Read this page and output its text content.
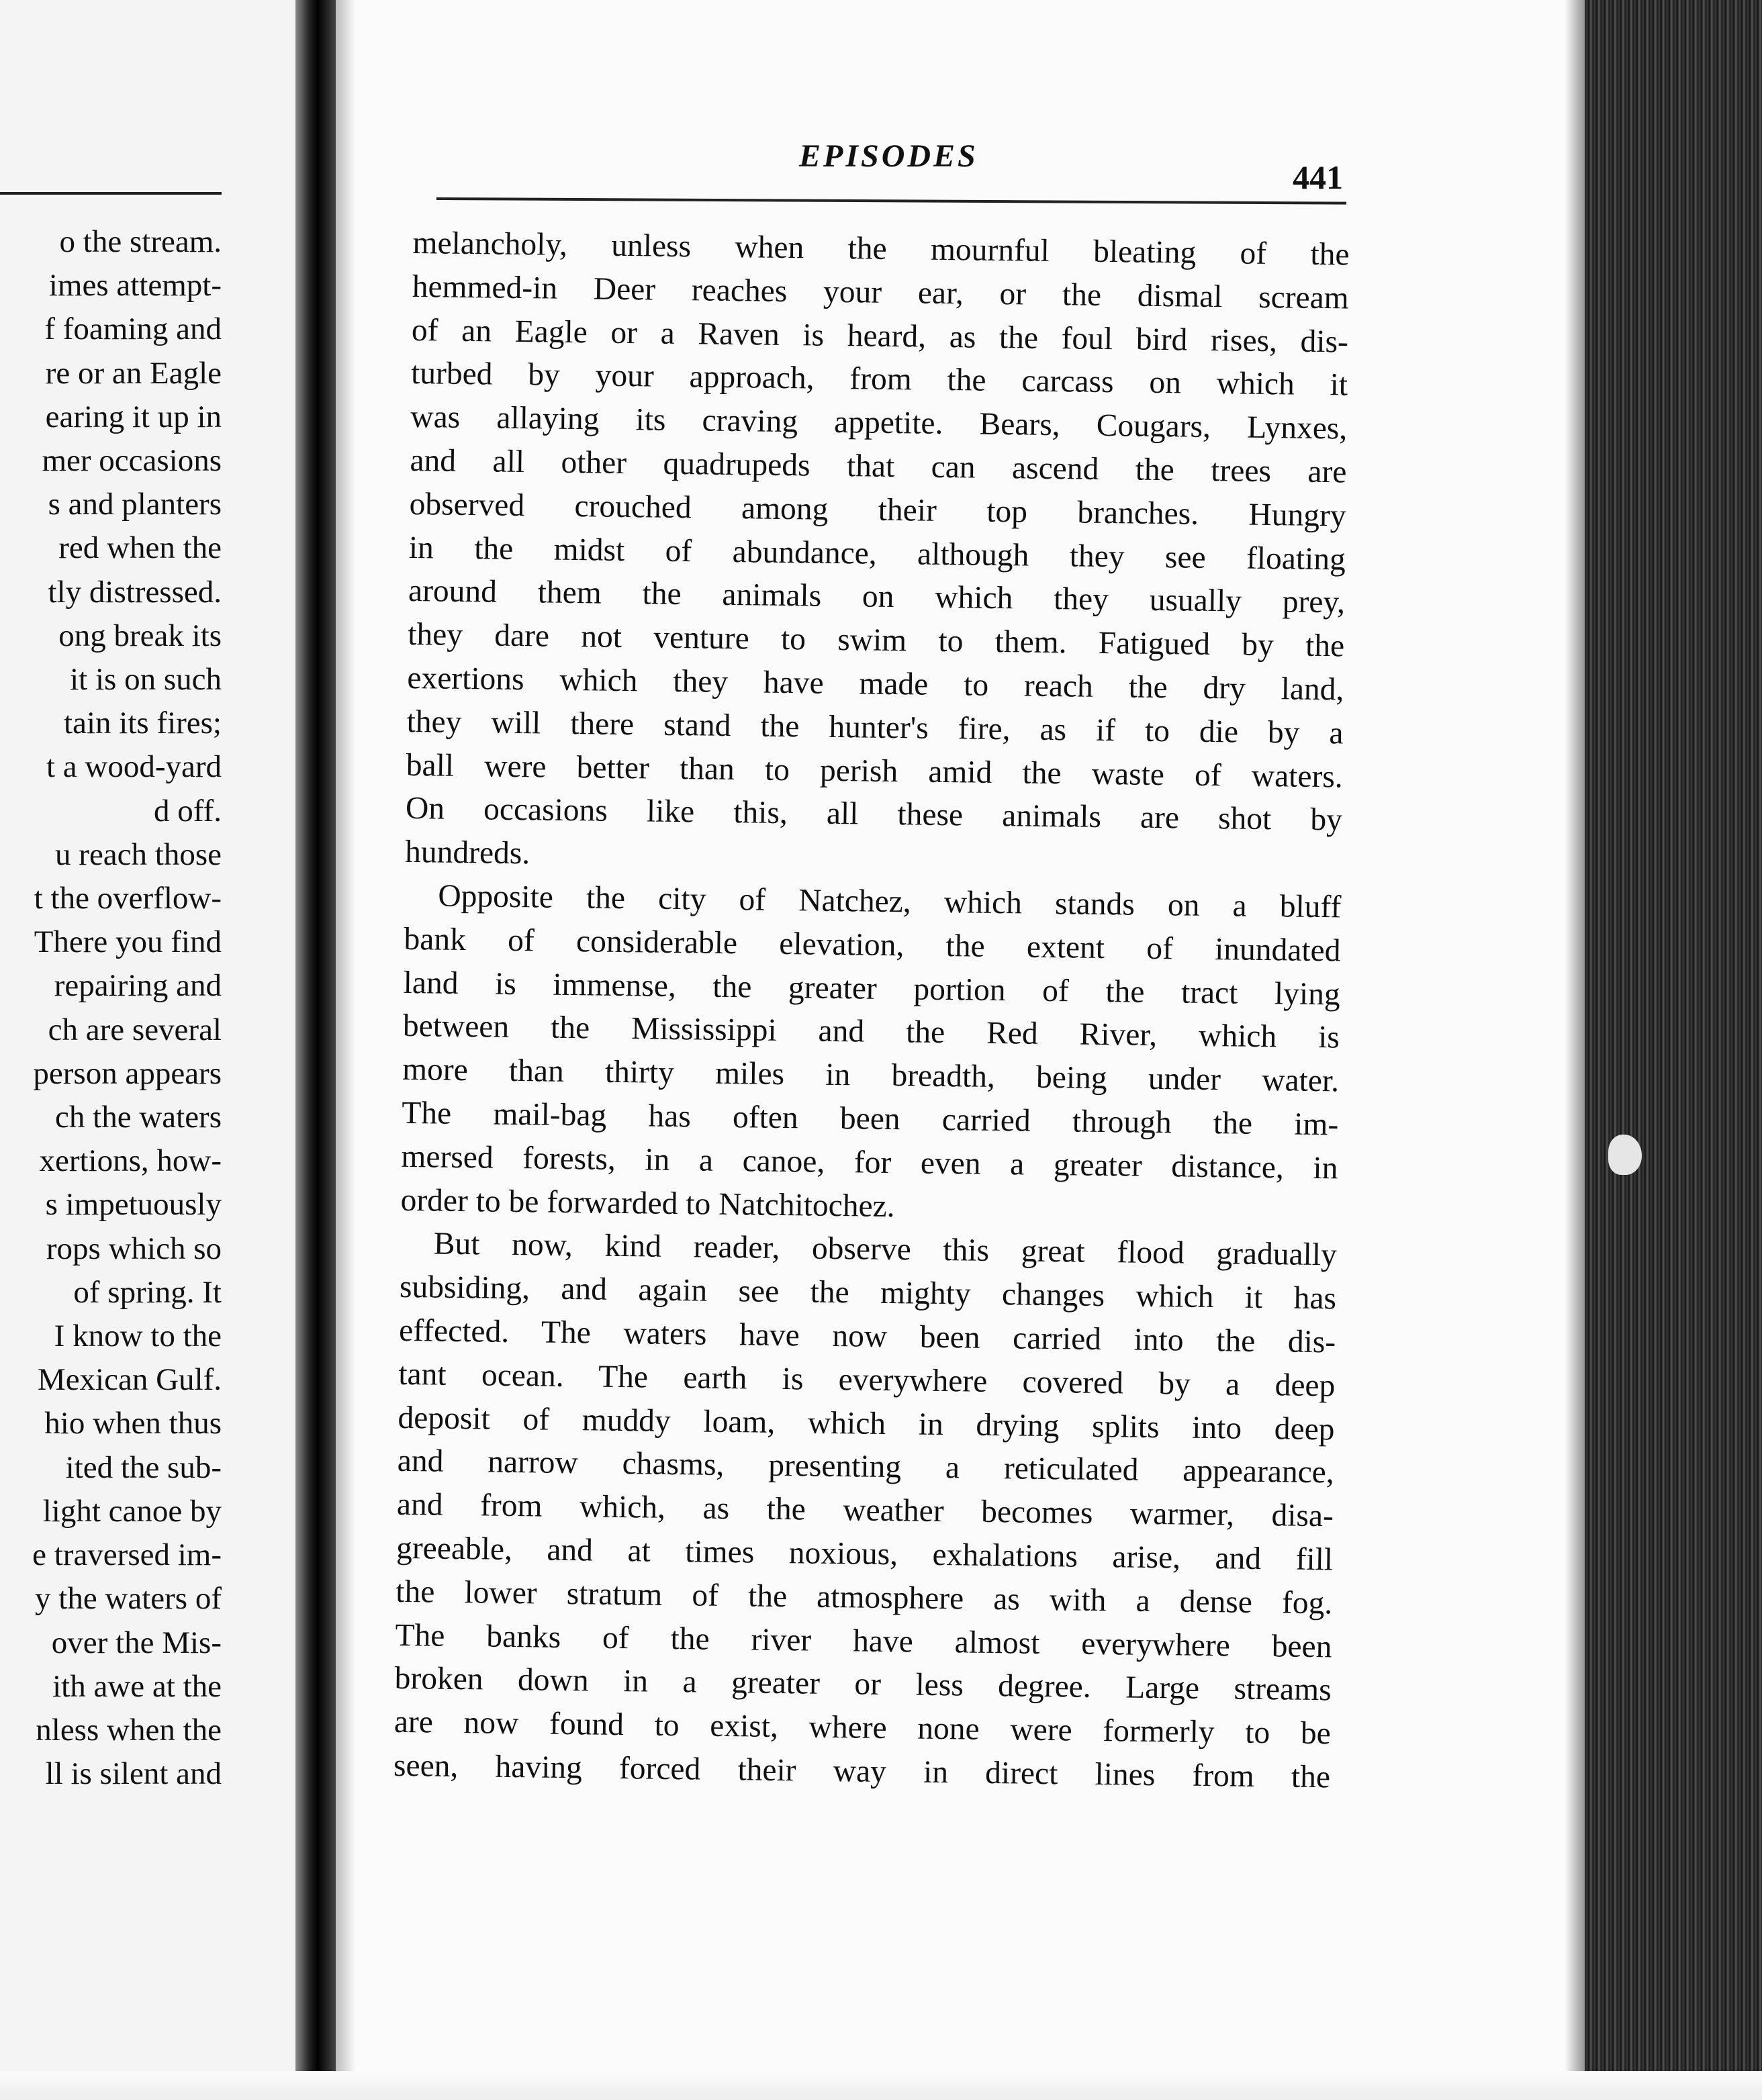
o the stream.
imes attempt-
f foaming and
re or an Eagle
earing it up in
mer occasions
s and planters
red when the
tly distressed.
ong break its
it is on such
tain its fires;
t a wood-yard
d off.
u reach those
t the overflow-
There you find
repairing and
ch are several
person appears
ch the waters
xertions, how-
s impetuously
rops which so
of spring. It
I know to the
Mexican Gulf.
hio when thus
ited the sub-
light canoe by
e traversed im-
y the waters of
over the Mis-
ith awe at the
nless when the
ll is silent and
EPISODES
441
melancholy, unless when the mournful bleating of the
hemmed-in Deer reaches your ear, or the dismal scream
of an Eagle or a Raven is heard, as the foul bird rises, dis-
turbed by your approach, from the carcass on which it
was allaying its craving appetite. Bears, Cougars, Lynxes,
and all other quadrupeds that can ascend the trees are
observed crouched among their top branches. Hungry
in the midst of abundance, although they see floating
around them the animals on which they usually prey,
they dare not venture to swim to them. Fatigued by the
exertions which they have made to reach the dry land,
they will there stand the hunter's fire, as if to die by a
ball were better than to perish amid the waste of waters.
On occasions like this, all these animals are shot by
hundreds.
Opposite the city of Natchez, which stands on a bluff
bank of considerable elevation, the extent of inundated
land is immense, the greater portion of the tract lying
between the Mississippi and the Red River, which is
more than thirty miles in breadth, being under water.
The mail-bag has often been carried through the im-
mersed forests, in a canoe, for even a greater distance, in
order to be forwarded to Natchitochez.
But now, kind reader, observe this great flood gradually
subsiding, and again see the mighty changes which it has
effected. The waters have now been carried into the dis-
tant ocean. The earth is everywhere covered by a deep
deposit of muddy loam, which in drying splits into deep
and narrow chasms, presenting a reticulated appearance,
and from which, as the weather becomes warmer, disa-
greeable, and at times noxious, exhalations arise, and fill
the lower stratum of the atmosphere as with a dense fog.
The banks of the river have almost everywhere been
broken down in a greater or less degree. Large streams
are now found to exist, where none were formerly to be
seen, having forced their way in direct lines from the
